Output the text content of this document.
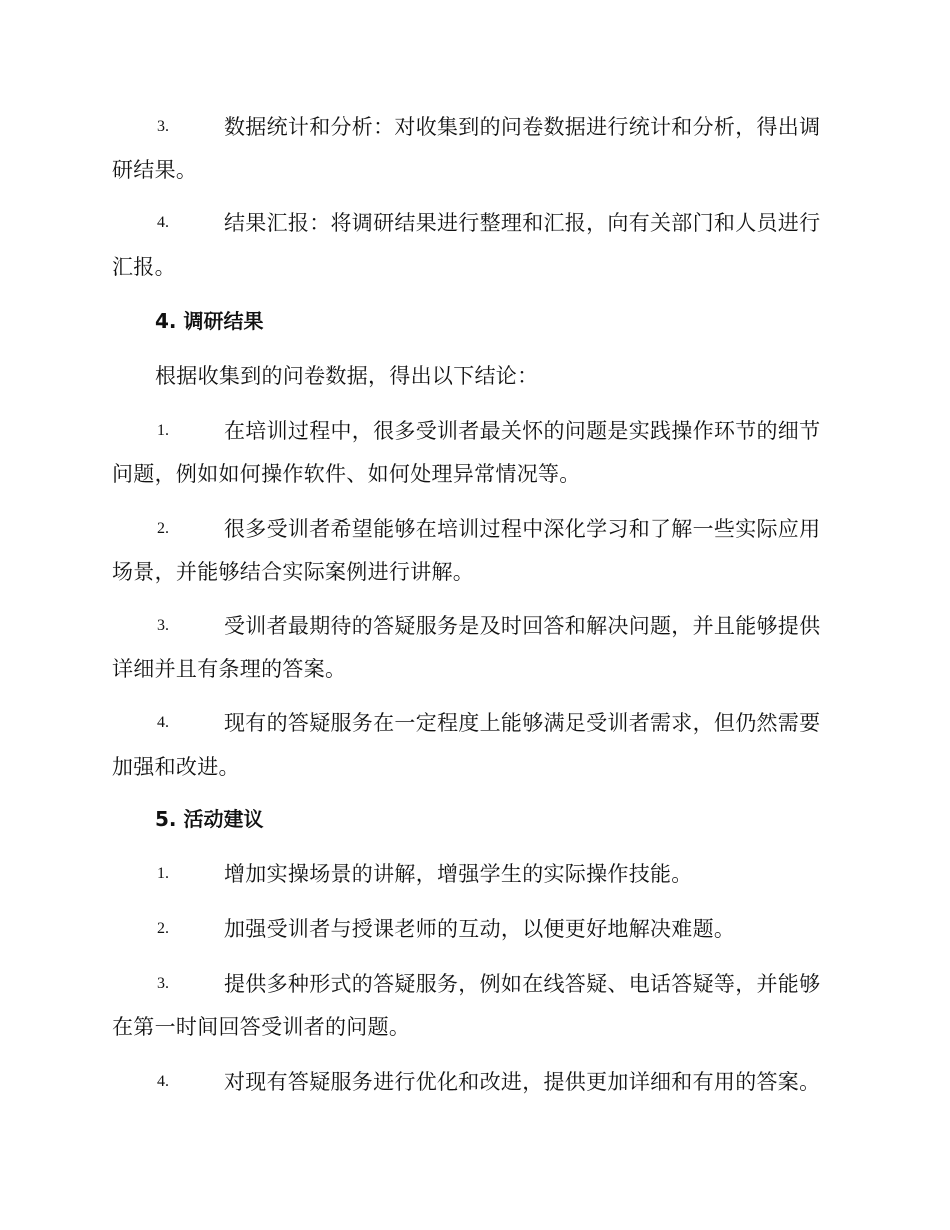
3.	数据统计和分析：对收集到的问卷数据进行统计和分析，得出调
研结果。
4.	结果汇报：将调研结果进行整理和汇报，向有关部门和人员进行
汇报。
4. 调研结果
根据收集到的问卷数据，得出以下结论：
1.	在培训过程中，很多受训者最关怀的问题是实践操作环节的细节
问题，例如如何操作软件、如何处理异常情况等。
2.	很多受训者希望能够在培训过程中深化学习和了解一些实际应用
场景，并能够结合实际案例进行讲解。
3.	受训者最期待的答疑服务是及时回答和解决问题，并且能够提供
详细并且有条理的答案。
4.	现有的答疑服务在一定程度上能够满足受训者需求，但仍然需要
加强和改进。
5. 活动建议
1.	增加实操场景的讲解，增强学生的实际操作技能。
2.	加强受训者与授课老师的互动，以便更好地解决难题。
3.	提供多种形式的答疑服务，例如在线答疑、电话答疑等，并能够
在第一时间回答受训者的问题。
4.	对现有答疑服务进行优化和改进，提供更加详细和有用的答案。
